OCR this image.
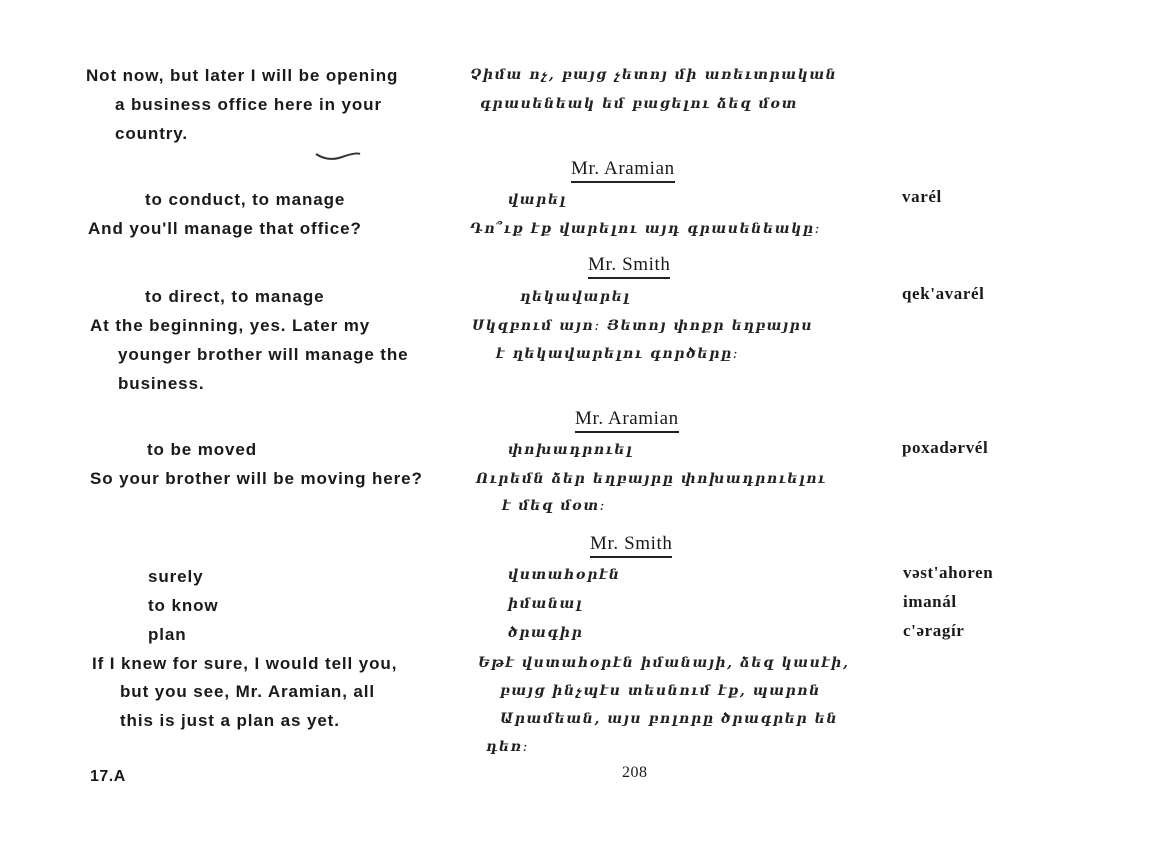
Not now, but later I will be opening
a business office here in your
country.
Չիմա ոչ, բայց չետոյ մի առեւտրական
գրասենեակ եմ բացելու ձեզ մօտ
Mr. Aramian
to conduct, to manage	վարել	varél
And you'll manage that office?	Դո՞ւք էք վարելու այդ գրասենեակը։
Mr. Smith
to direct, to manage	ղեկավարել	qek'avarél
At the beginning, yes. Later my
younger brother will manage the
business.
Սկզբում այո։ Յետոյ փոքր եղբայրս
է ղեկավարելու գործերը։
Mr. Aramian
to be moved	փոխադրուել	poxadərvél
So your brother will be moving here?	Ուրեմն ձեր եղբայրը փոխադրուելու
է մեզ մօտ։
Mr. Smith
surely	վստահօրէն	vəst'ahoren
to know	իմանալ	imanál
plan	ծրագիր	c'əragír
If I knew for sure, I would tell you,
but you see, Mr. Aramian, all
this is just a plan as yet.
Եթէ վստահօրէն իմանայի, ձեզ կասէի,
բայց ինչպէս տեսնում էք, պարոն
Արամեան, այս բոլորը ծրագրեր են
դեռ։
17.A	208
